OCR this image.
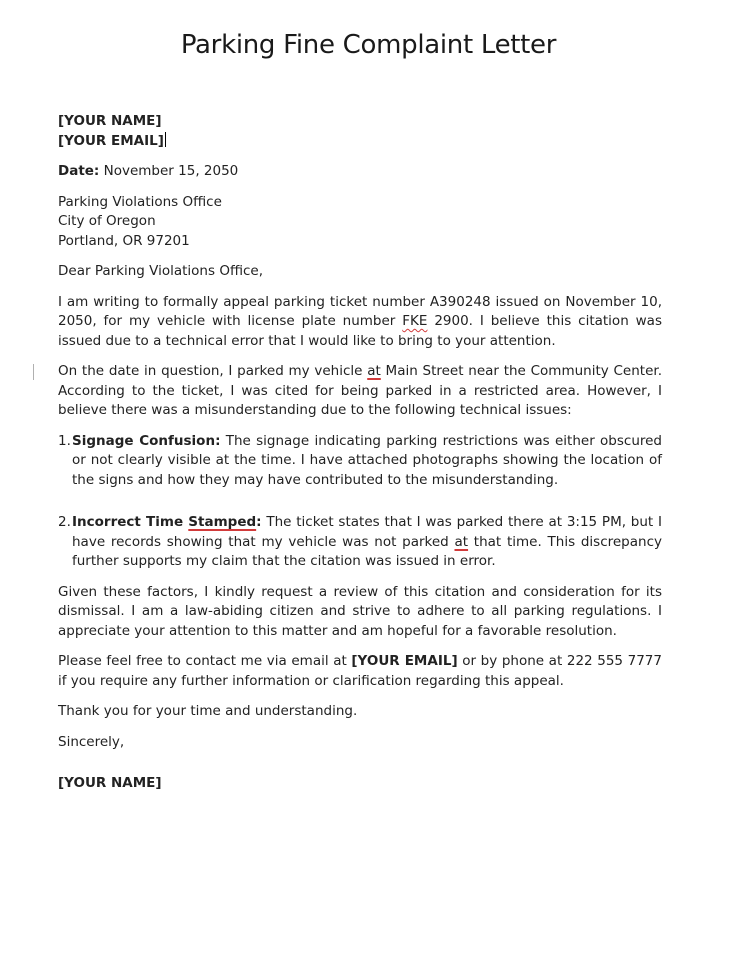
Parking Fine Complaint Letter
[YOUR NAME]
[YOUR EMAIL]
Date: November 15, 2050
Parking Violations Office
City of Oregon
Portland, OR 97201
Dear Parking Violations Office,
I am writing to formally appeal parking ticket number A390248 issued on November 10, 2050, for my vehicle with license plate number FKE 2900. I believe this citation was issued due to a technical error that I would like to bring to your attention.
On the date in question, I parked my vehicle at Main Street near the Community Center. According to the ticket, I was cited for being parked in a restricted area. However, I believe there was a misunderstanding due to the following technical issues:
1. Signage Confusion: The signage indicating parking restrictions was either obscured or not clearly visible at the time. I have attached photographs showing the location of the signs and how they may have contributed to the misunderstanding.
2. Incorrect Time Stamped: The ticket states that I was parked there at 3:15 PM, but I have records showing that my vehicle was not parked at that time. This discrepancy further supports my claim that the citation was issued in error.
Given these factors, I kindly request a review of this citation and consideration for its dismissal. I am a law-abiding citizen and strive to adhere to all parking regulations. I appreciate your attention to this matter and am hopeful for a favorable resolution.
Please feel free to contact me via email at [YOUR EMAIL] or by phone at 222 555 7777 if you require any further information or clarification regarding this appeal.
Thank you for your time and understanding.
Sincerely,
[YOUR NAME]
